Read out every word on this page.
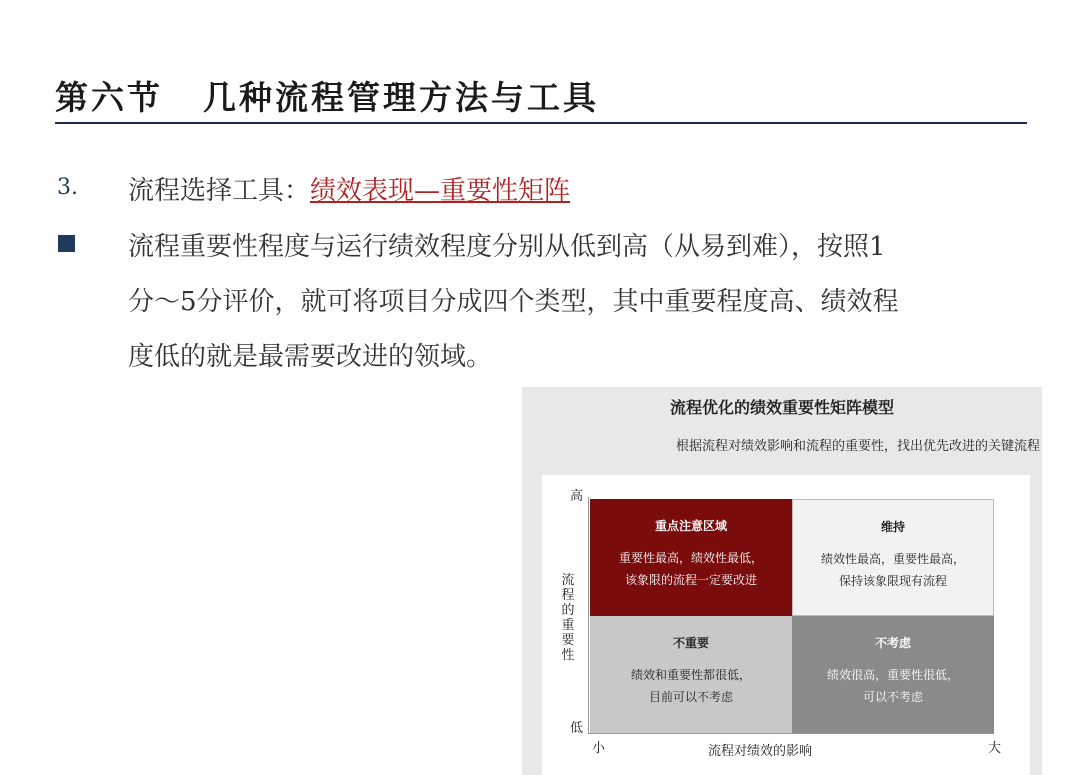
第六节 几种流程管理方法与工具
3. 流程选择工具：绩效表现—重要性矩阵
流程重要性程度与运行绩效程度分别从低到高（从易到难），按照1
分～5分评价，就可将项目分成四个类型，其中重要程度高、绩效程
度低的就是最需要改进的领域。
流程优化的绩效重要性矩阵模型
根据流程对绩效影响和流程的重要性，找出优先改进的关键流程
高
低
流程的重要性
重点注意区域
重要性最高，绩效性最低，
该象限的流程一定要改进
维持
绩效性最高，重要性最高，
保持该象限现有流程
不重要
绩效和重要性都很低，
目前可以不考虑
不考虑
绩效很高，重要性很低，
可以不考虑
小	流程对绩效的影响	大
